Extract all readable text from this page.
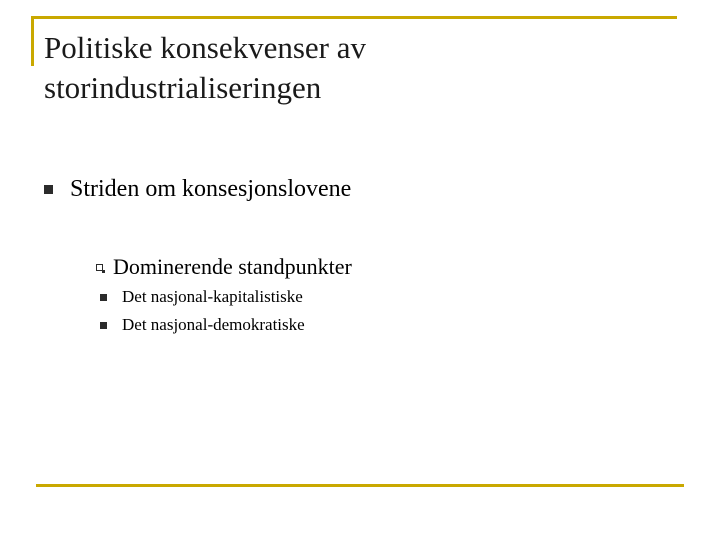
Politiske konsekvenser av
storindustrialiseringen
Striden om konsesjonslovene
Dominerende standpunkter
Det nasjonal-kapitalistiske
Det nasjonal-demokratiske
